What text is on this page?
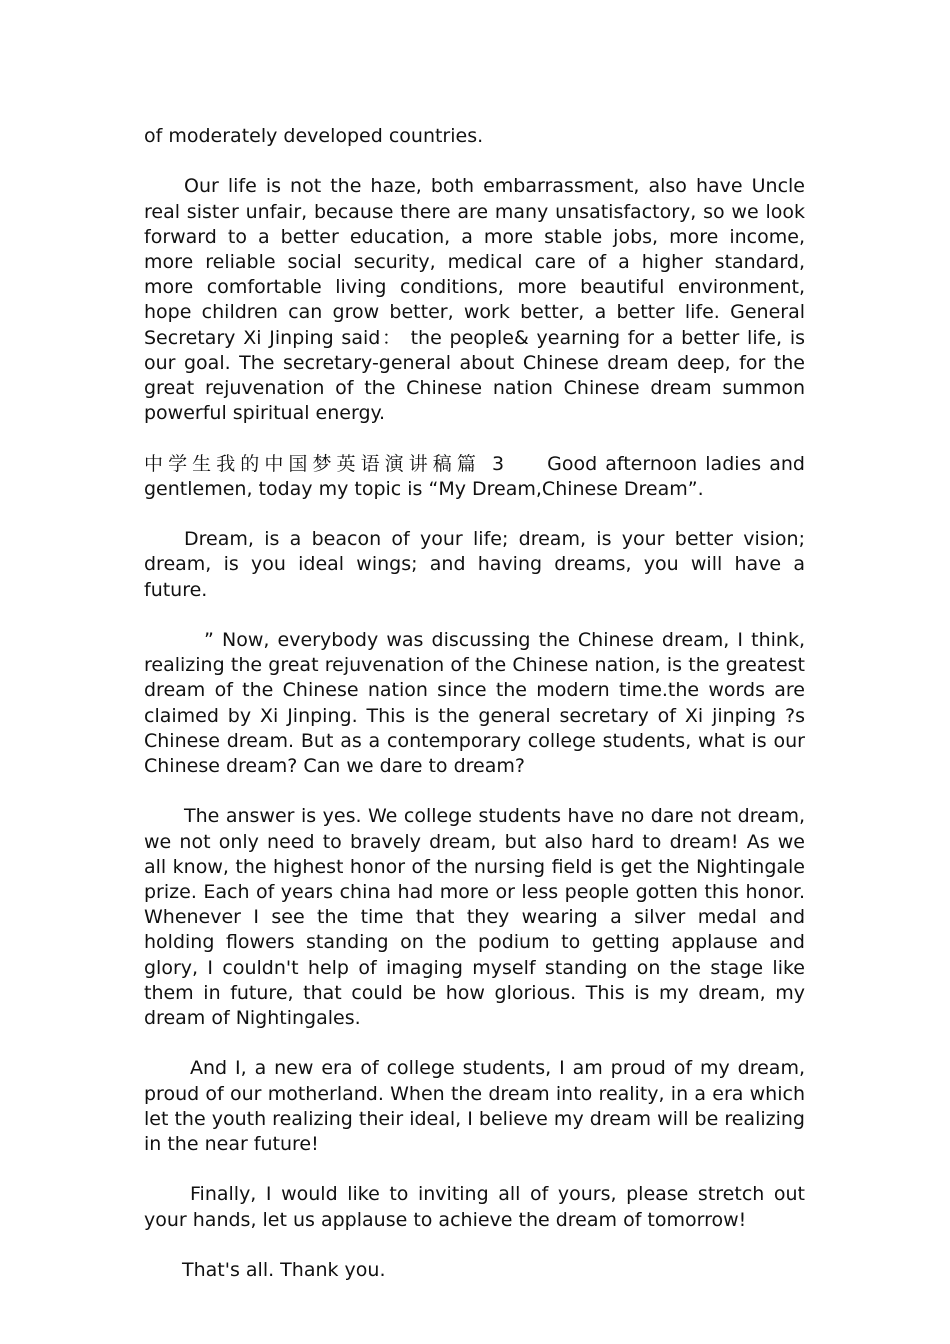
of moderately developed countries.

Our life is not the haze, both embarrassment, also have Uncle real sister unfair, because there are many unsatisfactory, so we look forward to a better education, a more stable jobs, more income, more reliable social security, medical care of a higher standard, more comfortable living conditions, more beautiful environment, hope children can grow better, work better, a better life. General Secretary Xi Jinping said： the people& yearning for a better life, is our goal. The secretary-general about Chinese dream deep, for the great rejuvenation of the Chinese nation Chinese dream summon powerful spiritual energy.

中学生我的中国梦英语演讲稿篇 3 Good afternoon ladies and gentlemen, today my topic is “My Dream,Chinese Dream”.

Dream, is a beacon of your life; dream, is your better vision; dream, is you ideal wings; and having dreams, you will have a future.

” Now, everybody was discussing the Chinese dream, I think, realizing the great rejuvenation of the Chinese nation, is the greatest dream of the Chinese nation since the modern time.the words are claimed by Xi Jinping. This is the general secretary of Xi jinping ?s Chinese dream. But as a contemporary college students, what is our Chinese dream? Can we dare to dream?

The answer is yes. We college students have no dare not dream, we not only need to bravely dream, but also hard to dream! As we all know, the highest honor of the nursing field is get the Nightingale prize. Each of years china had more or less people gotten this honor. Whenever I see the time that they wearing a silver medal and holding flowers standing on the podium to getting applause and glory, I couldn't help of imaging myself standing on the stage like them in future, that could be how glorious. This is my dream, my dream of Nightingales.

And I, a new era of college students, I am proud of my dream, proud of our motherland. When the dream into reality, in a era which let the youth realizing their ideal, I believe my dream will be realizing in the near future!

Finally, I would like to inviting all of yours, please stretch out your hands, let us applause to achieve the dream of tomorrow!

That's all. Thank you.
